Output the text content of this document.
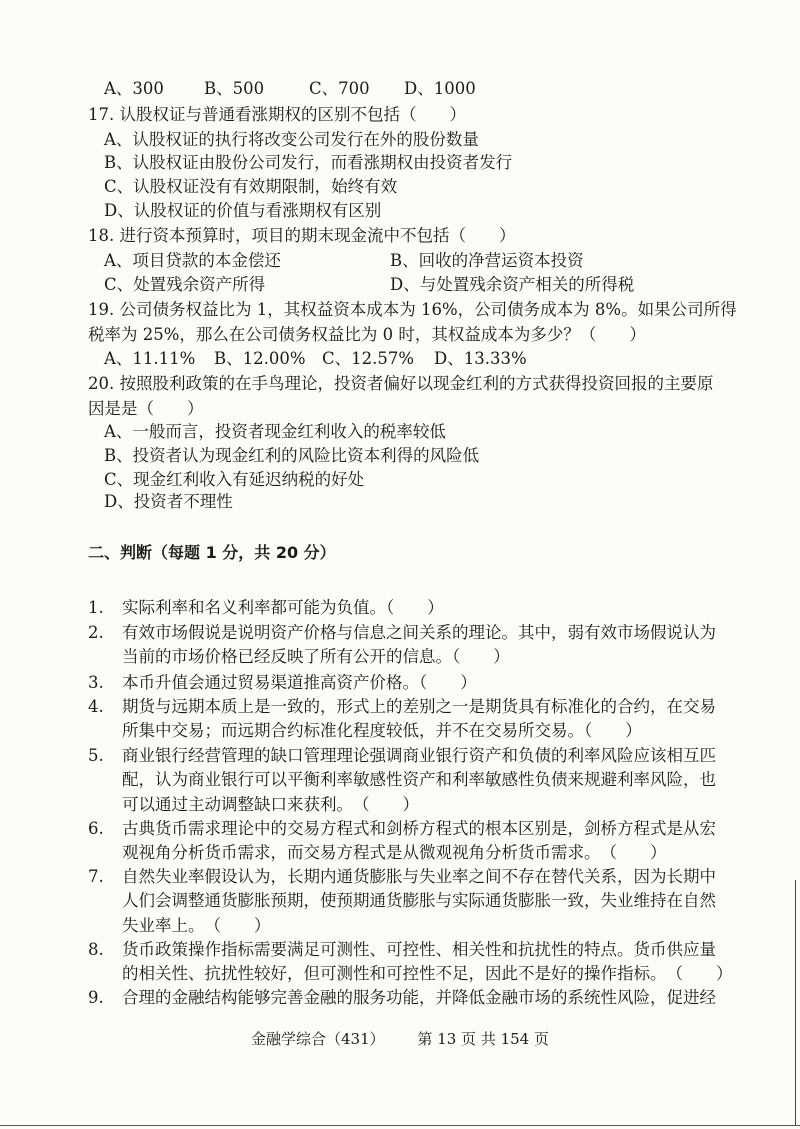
A、300 B、500	C、700 D、1000
17. 认股权证与普通看涨期权的区别不包括（　　）
A、认股权证的执行将改变公司发行在外的股份数量
B、认股权证由股份公司发行，而看涨期权由投资者发行
C、认股权证没有有效期限制，始终有效
D、认股权证的价值与看涨期权有区别
18. 进行资本预算时，项目的期末现金流中不包括（　　）
A、项目贷款的本金偿还	B、回收的净营运资本投资
C、处置残余资产所得	D、与处置残余资产相关的所得税
19. 公司债务权益比为 1，其权益资本成本为 16%，公司债务成本为 8%。如果公司所得
税率为 25%，那么在公司债务权益比为 0 时，其权益成本为多少？（　　）
A、11.11% B、12.00% C、12.57% D、13.33%
20. 按照股利政策的在手鸟理论，投资者偏好以现金红利的方式获得投资回报的主要原
因是是（　　）
A、一般而言，投资者现金红利收入的税率较低
B、投资者认为现金红利的风险比资本利得的风险低
C、现金红利收入有延迟纳税的好处
D、投资者不理性
二、判断（每题 1 分，共 20 分）
1. 实际利率和名义利率都可能为负值。（　　）
2. 有效市场假说是说明资产价格与信息之间关系的理论。其中，弱有效市场假说认为
当前的市场价格已经反映了所有公开的信息。（　　）
3. 本币升值会通过贸易渠道推高资产价格。（　　）
4. 期货与远期本质上是一致的，形式上的差别之一是期货具有标准化的合约，在交易
所集中交易；而远期合约标准化程度较低，并不在交易所交易。（　　）
5. 商业银行经营管理的缺口管理理论强调商业银行资产和负债的利率风险应该相互匹
配，认为商业银行可以平衡利率敏感性资产和利率敏感性负债来规避利率风险，也
可以通过主动调整缺口来获利。　（　　）
6. 古典货币需求理论中的交易方程式和剑桥方程式的根本区别是，剑桥方程式是从宏
观视角分析货币需求，而交易方程式是从微观视角分析货币需求。　（　　）
7. 自然失业率假设认为，长期内通货膨胀与失业率之间不存在替代关系，因为长期中
人们会调整通货膨胀预期，使预期通货膨胀与实际通货膨胀一致，失业维持在自然
失业率上。　（　　）
8. 货币政策操作指标需要满足可测性、可控性、相关性和抗扰性的特点。货币供应量
的相关性、抗扰性较好，但可测性和可控性不足，因此不是好的操作指标。　（　　）
9. 合理的金融结构能够完善金融的服务功能，并降低金融市场的系统性风险，促进经
金融学综合（431） 第 13 页 共 154 页
